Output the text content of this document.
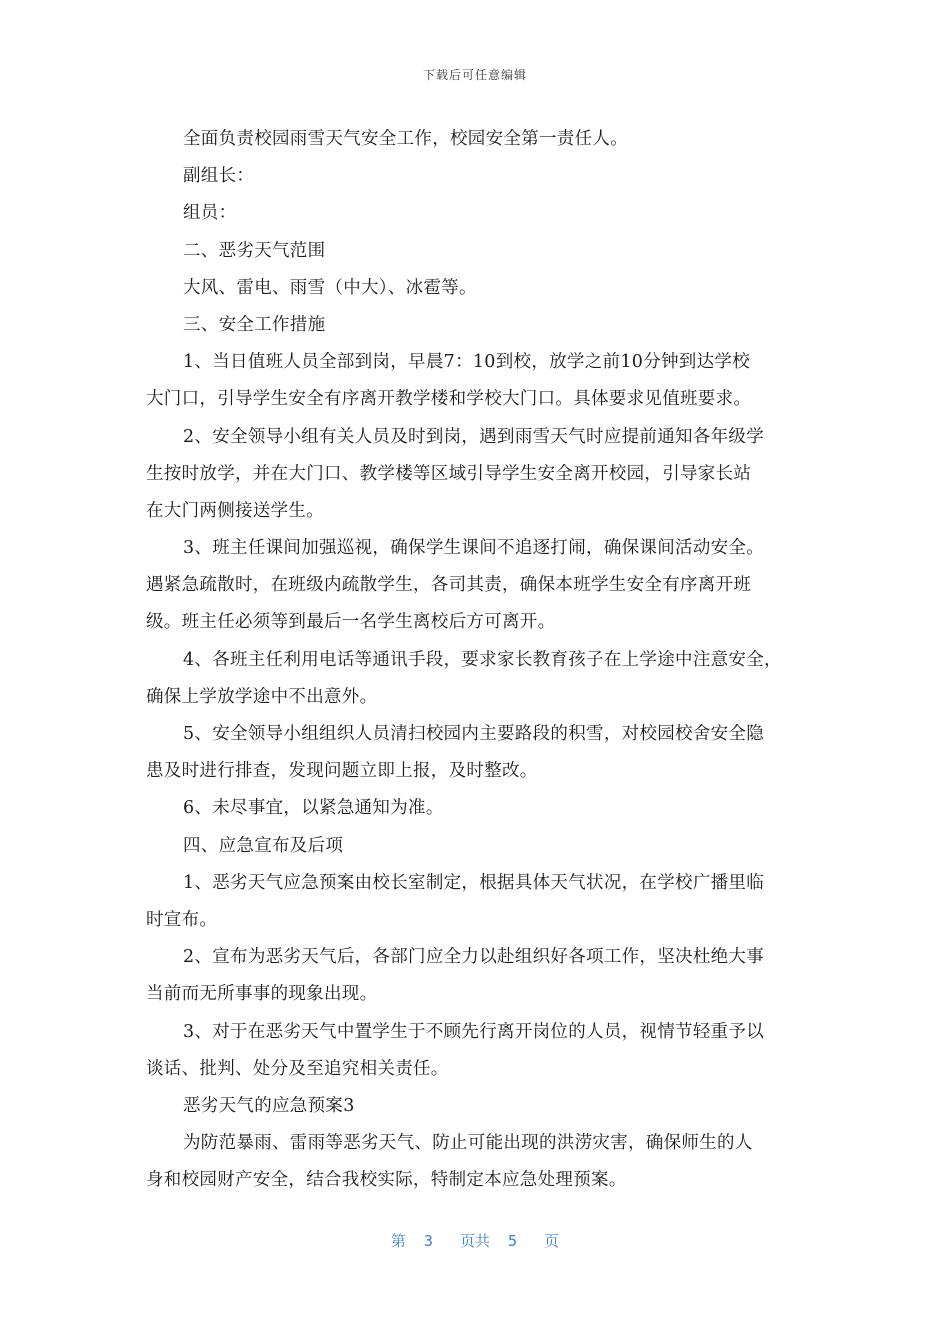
下载后可任意编辑
全面负责校园雨雪天气安全工作，校园安全第一责任人。
副组长：
组员：
二、恶劣天气范围
大风、雷电、雨雪（中大）、冰雹等。
三、安全工作措施
1、当日值班人员全部到岗，早晨7：10到校，放学之前10分钟到达学校
大门口，引导学生安全有序离开教学楼和学校大门口。具体要求见值班要求。
2、安全领导小组有关人员及时到岗，遇到雨雪天气时应提前通知各年级学
生按时放学，并在大门口、教学楼等区域引导学生安全离开校园，引导家长站
在大门两侧接送学生。
3、班主任课间加强巡视，确保学生课间不追逐打闹，确保课间活动安全。
遇紧急疏散时，在班级内疏散学生，各司其责，确保本班学生安全有序离开班
级。班主任必须等到最后一名学生离校后方可离开。
4、各班主任利用电话等通讯手段，要求家长教育孩子在上学途中注意安全，
确保上学放学途中不出意外。
5、安全领导小组组织人员清扫校园内主要路段的积雪，对校园校舍安全隐
患及时进行排查，发现问题立即上报，及时整改。
6、未尽事宜，以紧急通知为准。
四、应急宣布及后项
1、恶劣天气应急预案由校长室制定，根据具体天气状况，在学校广播里临
时宣布。
2、宣布为恶劣天气后，各部门应全力以赴组织好各项工作，坚决杜绝大事
当前而无所事事的现象出现。
3、对于在恶劣天气中置学生于不顾先行离开岗位的人员，视情节轻重予以
谈话、批判、处分及至追究相关责任。
恶劣天气的应急预案3
为防范暴雨、雷雨等恶劣天气、防止可能出现的洪涝灾害，确保师生的人
身和校园财产安全，结合我校实际，特制定本应急处理预案。
第  3   页共  5   页
